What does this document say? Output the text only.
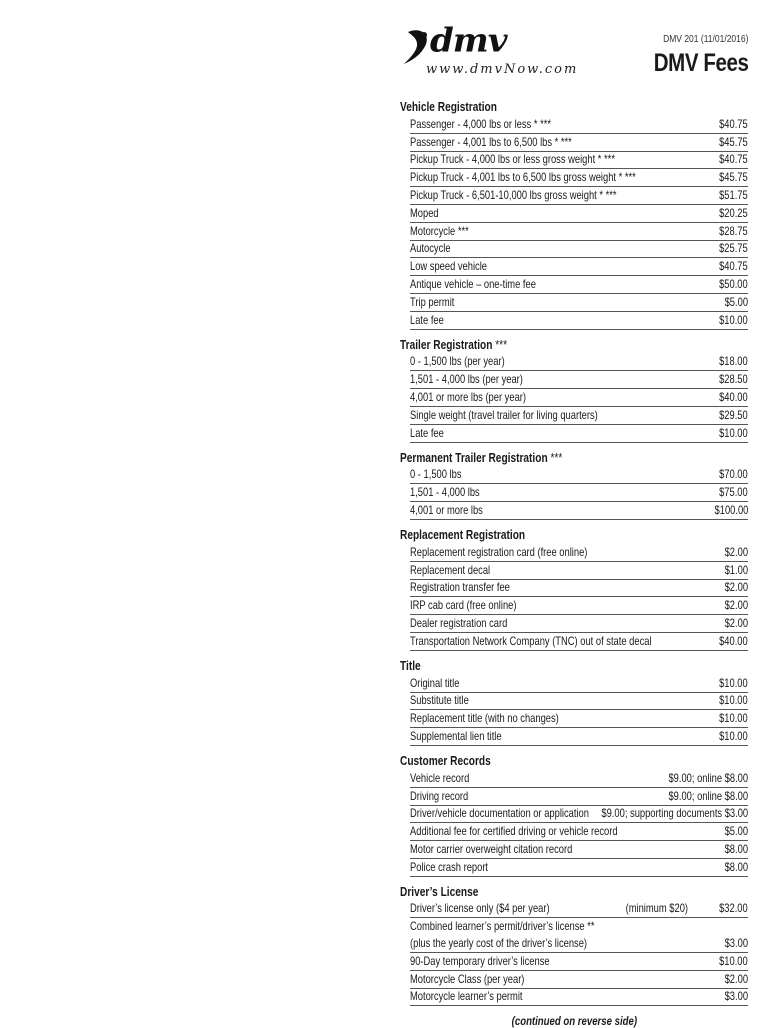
dmv
www.dmvNow.com
DMV 201 (11/01/2016)
DMV Fees
Vehicle Registration
Passenger - 4,000 lbs or less * ***	$40.75
Passenger - 4,001 lbs to 6,500 lbs * ***	$45.75
Pickup Truck - 4,000 lbs or less gross weight * ***	$40.75
Pickup Truck - 4,001 lbs to 6,500 lbs gross weight * ***	$45.75
Pickup Truck - 6,501-10,000 lbs gross weight * ***	$51.75
Moped	$20.25
Motorcycle ***	$28.75
Autocycle	$25.75
Low speed vehicle	$40.75
Antique vehicle – one-time fee	$50.00
Trip permit	$5.00
Late fee	$10.00
Trailer Registration ***
0 - 1,500 lbs (per year)	$18.00
1,501 - 4,000 lbs (per year)	$28.50
4,001 or more lbs (per year)	$40.00
Single weight (travel trailer for living quarters)	$29.50
Late fee	$10.00
Permanent Trailer Registration ***
0 - 1,500 lbs	$70.00
1,501 - 4,000 lbs	$75.00
4,001 or more lbs	$100.00
Replacement Registration
Replacement registration card (free online)	$2.00
Replacement decal	$1.00
Registration transfer fee	$2.00
IRP cab card (free online)	$2.00
Dealer registration card	$2.00
Transportation Network Company (TNC) out of state decal	$40.00
Title
Original title	$10.00
Substitute title	$10.00
Replacement title (with no changes)	$10.00
Supplemental lien title	$10.00
Customer Records
Vehicle record	$9.00; online $8.00
Driving record	$9.00; online $8.00
Driver/vehicle documentation or application $9.00; supporting documents $3.00
Additional fee for certified driving or vehicle record	$5.00
Motor carrier overweight citation record	$8.00
Police crash report	$8.00
Driver’s License
Driver’s license only ($4 per year)	(minimum $20)	$32.00
Combined learner’s permit/driver’s license **
(plus the yearly cost of the driver’s license)	$3.00
90-Day temporary driver’s license	$10.00
Motorcycle Class (per year)	$2.00
Motorcycle learner’s permit	$3.00
(continued on reverse side)
